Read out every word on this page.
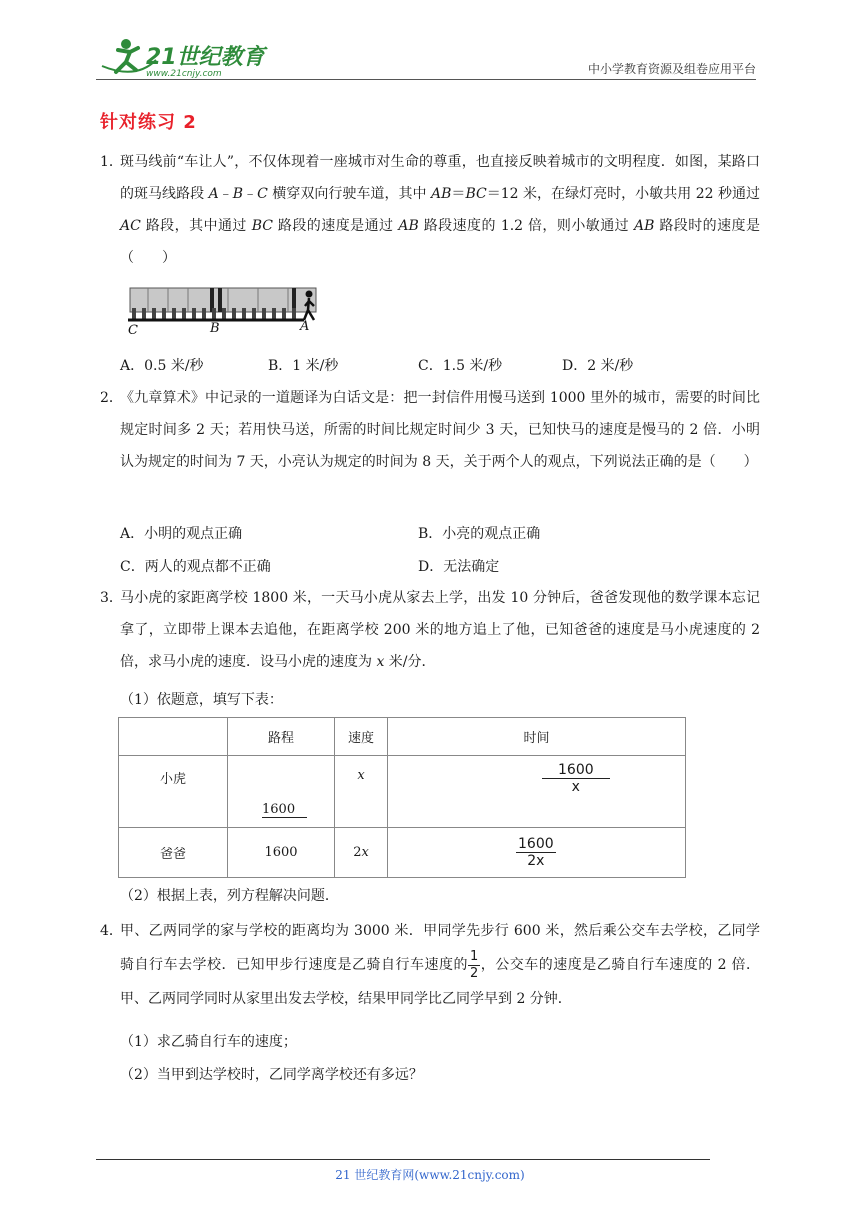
21世纪教育
www.21cnjy.com	中小学教育资源及组卷应用平台
针对练习 2
1．
斑马线前“车让人”，不仅体现着一座城市对生命的尊重，也直接反映着城市的文明程度．如图，某路口的斑马线路段 A﹣B﹣C 横穿双向行驶车道，其中 AB＝BC＝12 米，在绿灯亮时，小敏共用 22 秒通过 AC 路段，其中通过 BC 路段的速度是通过 AB 路段速度的 1.2 倍，则小敏通过 AB 路段时的速度是（　　）
C	B	A
A．0.5 米/秒	B．1 米/秒	C．1.5 米/秒	D．2 米/秒
2．
《九章算术》中记录的一道题译为白话文是：把一封信件用慢马送到 1000 里外的城市，需要的时间比规定时间多 2 天；若用快马送，所需的时间比规定时间少 3 天，已知快马的速度是慢马的 2 倍．小明认为规定的时间为 7 天，小亮认为规定的时间为 8 天，关于两个人的观点，下列说法正确的是（　　）
A．小明的观点正确	B．小亮的观点正确
C．两人的观点都不正确	D．无法确定
3．
马小虎的家距离学校 1800 米，一天马小虎从家去上学，出发 10 分钟后，爸爸发现他的数学课本忘记拿了，立即带上课本去追他，在距离学校 200 米的地方追上了他，已知爸爸的速度是马小虎速度的 2 倍，求马小虎的速度．设马小虎的速度为 x 米/分．
（1）依题意，填写下表：
	路程	速度	时间
小虎	1600	x	$\frac{1600}{x}$

爸爸	1600	2x	$\frac{1600}{2x}$
（2）根据上表，列方程解决问题．
4．
甲、乙两同学的家与学校的距离均为 3000 米．甲同学先步行 600 米，然后乘公交车去学校，乙同学骑自行车去学校．已知甲步行速度是乙骑自行车速度的 $\frac{1}{2}$ ，公交车的速度是乙骑自行车速度的 2 倍．甲、乙两同学同时从家里出发去学校，结果甲同学比乙同学早到 2 分钟．
（1）求乙骑自行车的速度；
（2）当甲到达学校时，乙同学离学校还有多远？
21 世纪教育网(www.21cnjy.com)
